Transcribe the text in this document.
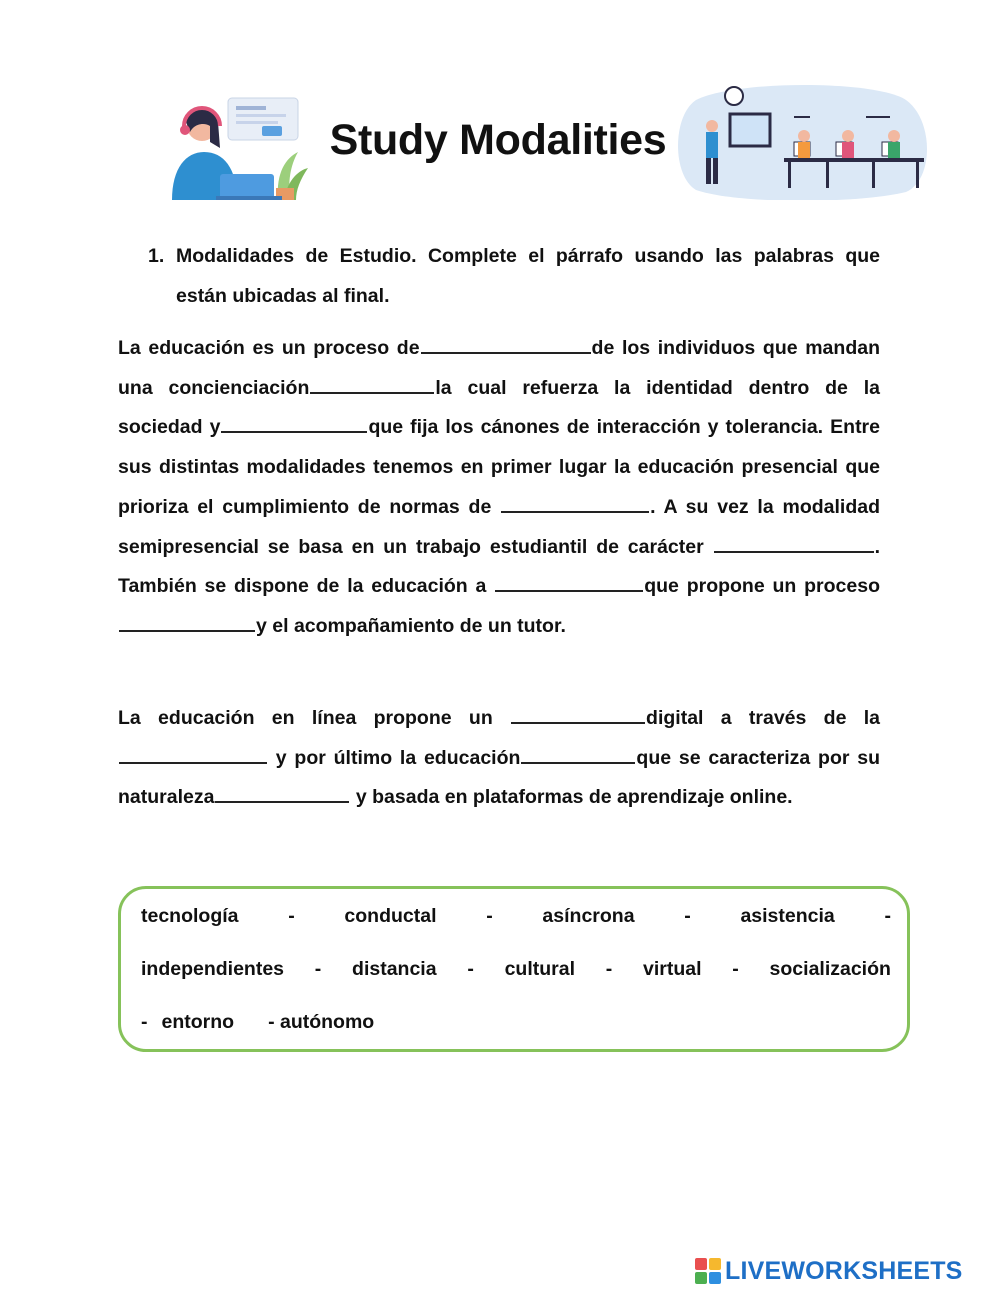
Study Modalities
1. Modalidades de Estudio. Complete el párrafo usando las palabras que están ubicadas al final.
La educación es un proceso de	de los individuos que mandan una concienciación	la cual refuerza la identidad dentro de la sociedad y	que fija los cánones de interacción y tolerancia. Entre sus distintas modalidades tenemos en primer lugar la educación presencial que prioriza el cumplimiento de normas de	. A su vez la modalidad semipresencial se basa en un trabajo estudiantil de carácter	. También se dispone de la educación a	que propone un procesoy el acompañamiento de un tutor.
La educación en línea propone un	digital a través de la  y por último la educación	que se caracteriza por su naturaleza	y basada en plataformas de aprendizaje online.
tecnología	-	conductal	-	asíncrona	-	asistencia	-
independientes - distancia - cultural - virtual - socialización
- entorno - autónomo
LIVEWORKSHEETS
